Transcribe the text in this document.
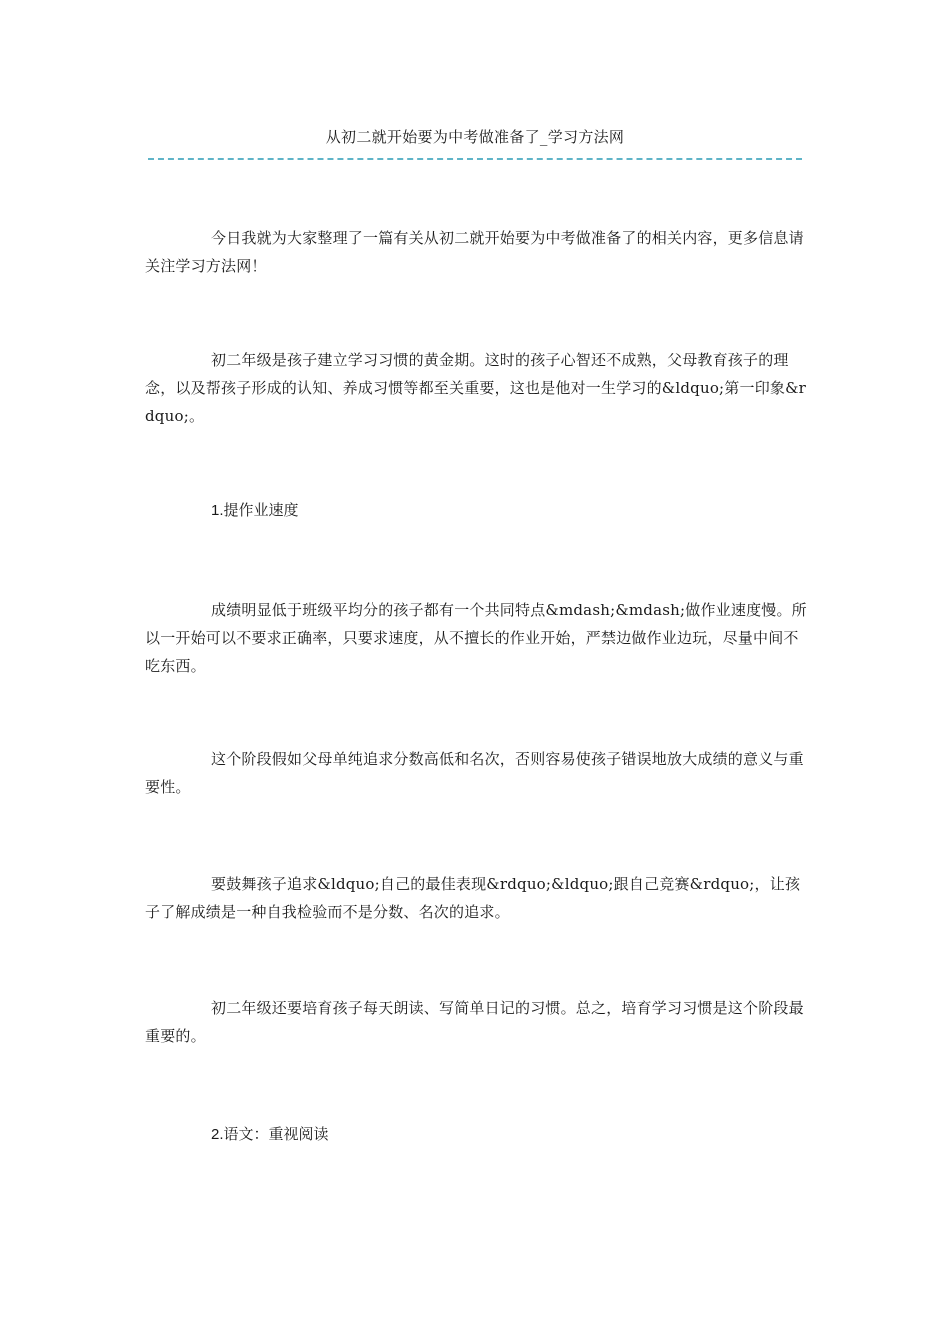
从初二就开始要为中考做准备了_学习方法网

今日我就为大家整理了一篇有关从初二就开始要为中考做准备了的相关内容，更多信息请关注学习方法网！

初二年级是孩子建立学习习惯的黄金期。这时的孩子心智还不成熟，父母教育孩子的理念，以及帮孩子形成的认知、养成习惯等都至关重要，这也是他对一生学习的&ldquo;第一印象&rdquo;。

1.提作业速度

成绩明显低于班级平均分的孩子都有一个共同特点&mdash;&mdash;做作业速度慢。所以一开始可以不要求正确率，只要求速度，从不擅长的作业开始，严禁边做作业边玩，尽量中间不吃东西。

这个阶段假如父母单纯追求分数高低和名次，否则容易使孩子错误地放大成绩的意义与重要性。

要鼓舞孩子追求&ldquo;自己的最佳表现&rdquo;&ldquo;跟自己竞赛&rdquo;，让孩子了解成绩是一种自我检验而不是分数、名次的追求。

初二年级还要培育孩子每天朗读、写简单日记的习惯。总之，培育学习习惯是这个阶段最重要的。

2.语文：重视阅读
